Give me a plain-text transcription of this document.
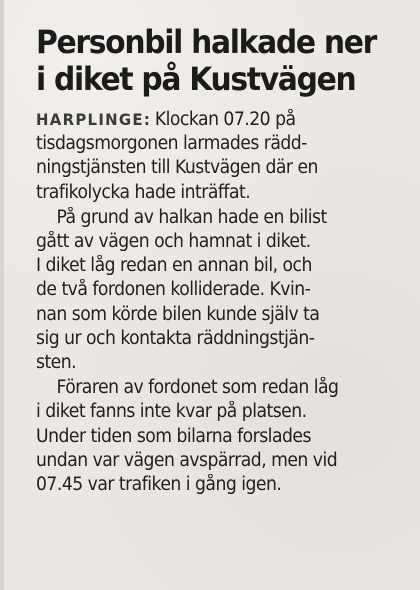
Personbil halkade ner
i diket på Kustvägen
HARPLINGE: Klockan 07.20 på
tisdagsmorgonen larmades rädd-
ningstjänsten till Kustvägen där en
trafikolycka hade inträffat.
På grund av halkan hade en bilist
gått av vägen och hamnat i diket.
I diket låg redan en annan bil, och
de två fordonen kolliderade. Kvin-
nan som körde bilen kunde själv ta
sig ur och kontakta räddningstjän-
sten.
Föraren av fordonet som redan låg
i diket fanns inte kvar på platsen.
Under tiden som bilarna forslades
undan var vägen avspärrad, men vid
07.45 var trafiken i gång igen.
